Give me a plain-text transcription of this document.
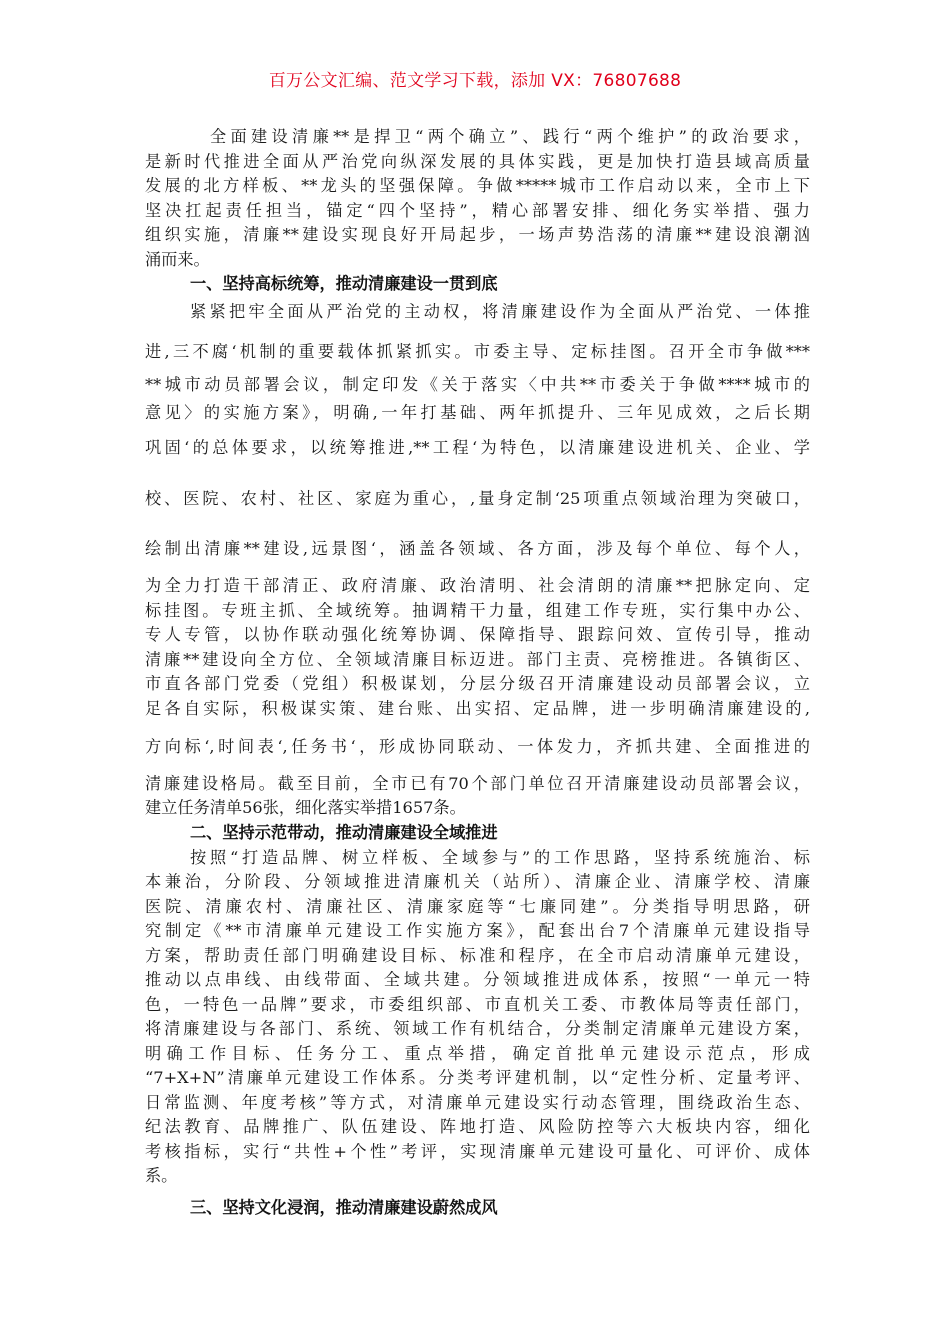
百万公文汇编、范文学习下载，添加 VX：76807688
全面建设清廉**是捍卫“两个确立”、践行“两个维护”的政治要求，
是新时代推进全面从严治党向纵深发展的具体实践，更是加快打造县域高质量
发展的北方样板、**龙头的坚强保障。争做*****城市工作启动以来，全市上下
坚决扛起责任担当，锚定“四个坚持”，精心部署安排、细化务实举措、强力
组织实施，清廉**建设实现良好开局起步，一场声势浩荡的清廉**建设浪潮汹
涌而来。
一、坚持高标统筹，推动清廉建设一贯到底
紧紧把牢全面从严治党的主动权，将清廉建设作为全面从严治党、一体推
进,三不腐‘机制的重要载体抓紧抓实。市委主导、定标挂图。召开全市争做***
**城市动员部署会议，制定印发《关于落实〈中共**市委关于争做****城市的
意见〉的实施方案》，明确,一年打基础、两年抓提升、三年见成效，之后长期
巩固‘的总体要求，以统筹推进,**工程‘为特色，以清廉建设进机关、企业、学
校、医院、农村、社区、家庭为重心，,量身定制‘25项重点领域治理为突破口，
绘制出清廉**建设,远景图‘，涵盖各领域、各方面，涉及每个单位、每个人，
为全力打造干部清正、政府清廉、政治清明、社会清朗的清廉**把脉定向、定
标挂图。专班主抓、全域统筹。抽调精干力量，组建工作专班，实行集中办公、
专人专管，以协作联动强化统筹协调、保障指导、跟踪问效、宣传引导，推动
清廉**建设向全方位、全领域清廉目标迈进。部门主责、亮榜推进。各镇街区、
市直各部门党委（党组）积极谋划，分层分级召开清廉建设动员部署会议，立
足各自实际，积极谋实策、建台账、出实招、定品牌，进一步明确清廉建设的,
方向标‘,时间表‘,任务书‘，形成协同联动、一体发力，齐抓共建、全面推进的
清廉建设格局。截至目前，全市已有70个部门单位召开清廉建设动员部署会议，
建立任务清单56张，细化落实举措1657条。
二、坚持示范带动，推动清廉建设全域推进
按照“打造品牌、树立样板、全域参与”的工作思路，坚持系统施治、标
本兼治，分阶段、分领域推进清廉机关（站所）、清廉企业、清廉学校、清廉
医院、清廉农村、清廉社区、清廉家庭等“七廉同建”。分类指导明思路，研
究制定《**市清廉单元建设工作实施方案》，配套出台7个清廉单元建设指导
方案，帮助责任部门明确建设目标、标准和程序，在全市启动清廉单元建设，
推动以点串线、由线带面、全域共建。分领域推进成体系，按照“一单元一特
色，一特色一品牌”要求，市委组织部、市直机关工委、市教体局等责任部门，
将清廉建设与各部门、系统、领域工作有机结合，分类制定清廉单元建设方案，
明确工作目标、任务分工、重点举措，确定首批单元建设示范点，形成
“7+X+N”清廉单元建设工作体系。分类考评建机制，以“定性分析、定量考评、
日常监测、年度考核”等方式，对清廉单元建设实行动态管理，围绕政治生态、
纪法教育、品牌推广、队伍建设、阵地打造、风险防控等六大板块内容，细化
考核指标，实行“共性+个性”考评，实现清廉单元建设可量化、可评价、成体
系。
三、坚持文化浸润，推动清廉建设蔚然成风
